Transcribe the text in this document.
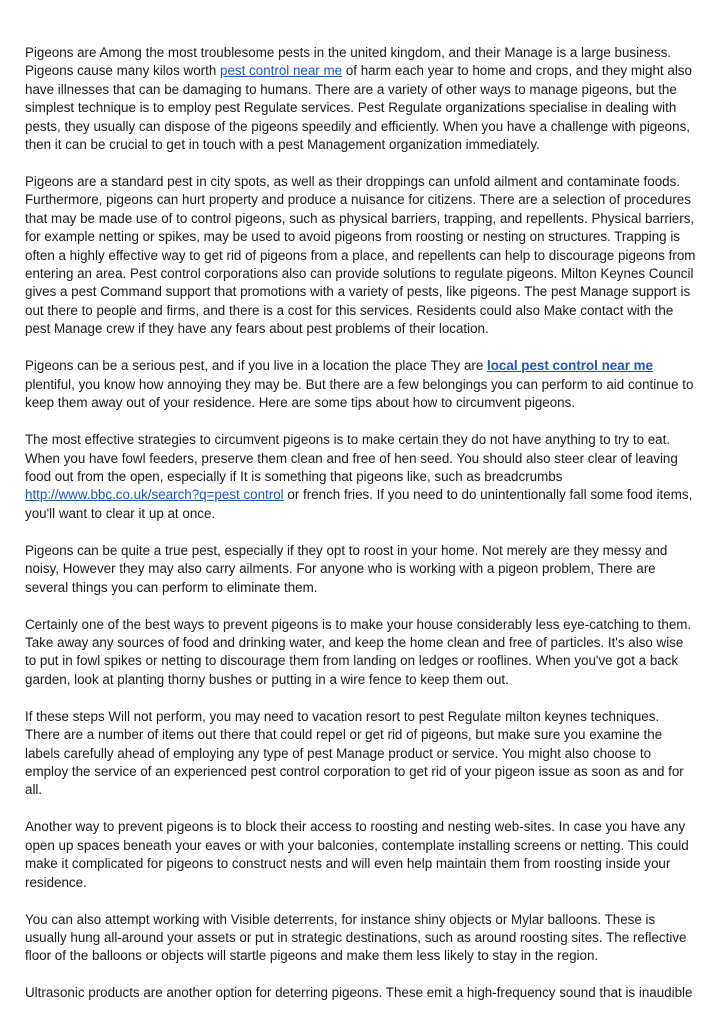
Pigeons are Among the most troublesome pests in the united kingdom, and their Manage is a large business. Pigeons cause many kilos worth pest control near me of harm each year to home and crops, and they might also have illnesses that can be damaging to humans. There are a variety of other ways to manage pigeons, but the simplest technique is to employ pest Regulate services. Pest Regulate organizations specialise in dealing with pests, they usually can dispose of the pigeons speedily and efficiently. When you have a challenge with pigeons, then it can be crucial to get in touch with a pest Management organization immediately.

Pigeons are a standard pest in city spots, as well as their droppings can unfold ailment and contaminate foods. Furthermore, pigeons can hurt property and produce a nuisance for citizens. There are a selection of procedures that may be made use of to control pigeons, such as physical barriers, trapping, and repellents. Physical barriers, for example netting or spikes, may be used to avoid pigeons from roosting or nesting on structures. Trapping is often a highly effective way to get rid of pigeons from a place, and repellents can help to discourage pigeons from entering an area. Pest control corporations also can provide solutions to regulate pigeons. Milton Keynes Council gives a pest Command support that promotions with a variety of pests, like pigeons. The pest Manage support is out there to people and firms, and there is a cost for this services. Residents could also Make contact with the pest Manage crew if they have any fears about pest problems of their location.

Pigeons can be a serious pest, and if you live in a location the place They are local pest control near me plentiful, you know how annoying they may be. But there are a few belongings you can perform to aid continue to keep them away out of your residence. Here are some tips about how to circumvent pigeons.

The most effective strategies to circumvent pigeons is to make certain they do not have anything to try to eat. When you have fowl feeders, preserve them clean and free of hen seed. You should also steer clear of leaving food out from the open, especially if It is something that pigeons like, such as breadcrumbs http://www.bbc.co.uk/search?q=pest control or french fries. If you need to do unintentionally fall some food items, you'll want to clear it up at once.

Pigeons can be quite a true pest, especially if they opt to roost in your home. Not merely are they messy and noisy, However they may also carry ailments. For anyone who is working with a pigeon problem, There are several things you can perform to eliminate them.

Certainly one of the best ways to prevent pigeons is to make your house considerably less eye-catching to them. Take away any sources of food and drinking water, and keep the home clean and free of particles. It's also wise to put in fowl spikes or netting to discourage them from landing on ledges or rooflines. When you've got a back garden, look at planting thorny bushes or putting in a wire fence to keep them out.

If these steps Will not perform, you may need to vacation resort to pest Regulate milton keynes techniques. There are a number of items out there that could repel or get rid of pigeons, but make sure you examine the labels carefully ahead of employing any type of pest Manage product or service. You might also choose to employ the service of an experienced pest control corporation to get rid of your pigeon issue as soon as and for all.

Another way to prevent pigeons is to block their access to roosting and nesting web-sites. In case you have any open up spaces beneath your eaves or with your balconies, contemplate installing screens or netting. This could make it complicated for pigeons to construct nests and will even help maintain them from roosting inside your residence.

You can also attempt working with Visible deterrents, for instance shiny objects or Mylar balloons. These is usually hung all-around your assets or put in strategic destinations, such as around roosting sites. The reflective floor of the balloons or objects will startle pigeons and make them less likely to stay in the region.

Ultrasonic products are another option for deterring pigeons. These emit a high-frequency sound that is inaudible
